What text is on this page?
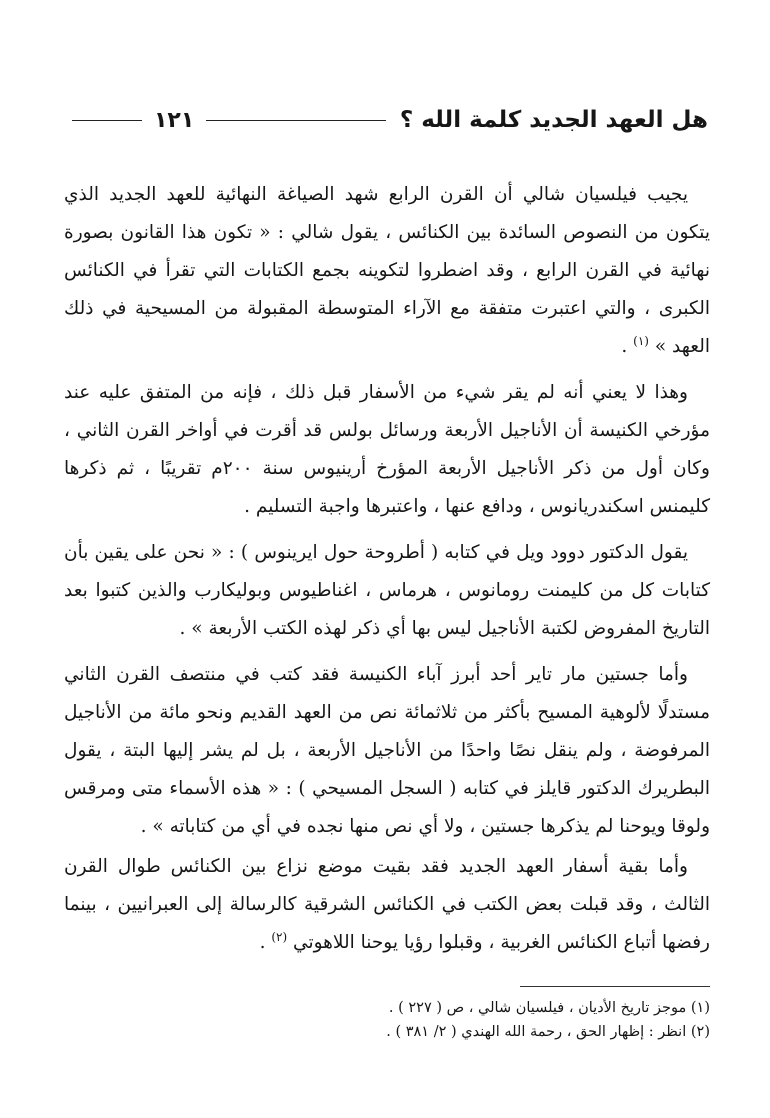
هل العهد الجديد كلمة الله ؟
١٢١

يجيب فيلسيان شالي أن القرن الرابع شهد الصياغة النهائية للعهد الجديد الذي يتكون من النصوص السائدة بين الكنائس ، يقول شالي : « تكون هذا القانون بصورة نهائية في القرن الرابع ، وقد اضطروا لتكوينه بجمع الكتابات التي تقرأ في الكنائس الكبرى ، والتي اعتبرت متفقة مع الآراء المتوسطة المقبولة من المسيحية في ذلك العهد » $^{(١)}$ .

وهذا لا يعني أنه لم يقر شيء من الأسفار قبل ذلك ، فإنه من المتفق عليه عند مؤرخي الكنيسة أن الأناجيل الأربعة ورسائل بولس قد أقرت في أواخر القرن الثاني ، وكان أول من ذكر الأناجيل الأربعة المؤرخ أرينيوس سنة ٢٠٠م تقريبًا ، ثم ذكرها كليمنس اسكندريانوس ، ودافع عنها ، واعتبرها واجبة التسليم .

يقول الدكتور دوود ويل في كتابه ( أطروحة حول ايرينوس ) : « نحن على يقين بأن كتابات كل من كليمنت رومانوس ، هرماس ، اغناطيوس وبوليكارب والذين كتبوا بعد التاريخ المفروض لكتبة الأناجيل ليس بها أي ذكر لهذه الكتب الأربعة » .

وأما جستين مار تاير أحد أبرز آباء الكنيسة فقد كتب في منتصف القرن الثاني مستدلًا لألوهية المسيح بأكثر من ثلاثمائة نص من العهد القديم ونحو مائة من الأناجيل المرفوضة ، ولم ينقل نصًا واحدًا من الأناجيل الأربعة ، بل لم يشر إليها البتة ، يقول البطريرك الدكتور قايلز في كتابه ( السجل المسيحي ) : « هذه الأسماء متى ومرقس ولوقا ويوحنا لم يذكرها جستين ، ولا أي نص منها نجده في أي من كتاباته » .

وأما بقية أسفار العهد الجديد فقد بقيت موضع نزاع بين الكنائس طوال القرن الثالث ، وقد قبلت بعض الكتب في الكنائس الشرقية كالرسالة إلى العبرانيين ، بينما رفضها أتباع الكنائس الغربية ، وقبلوا رؤيا يوحنا اللاهوتي $^{(٢)}$ .

(١) موجز تاريخ الأديان ، فيلسيان شالي ، ص ( ٢٢٧ ) .
(٢) انظر : إظهار الحق ، رحمة الله الهندي ( ٢/ ٣٨١ ) .
